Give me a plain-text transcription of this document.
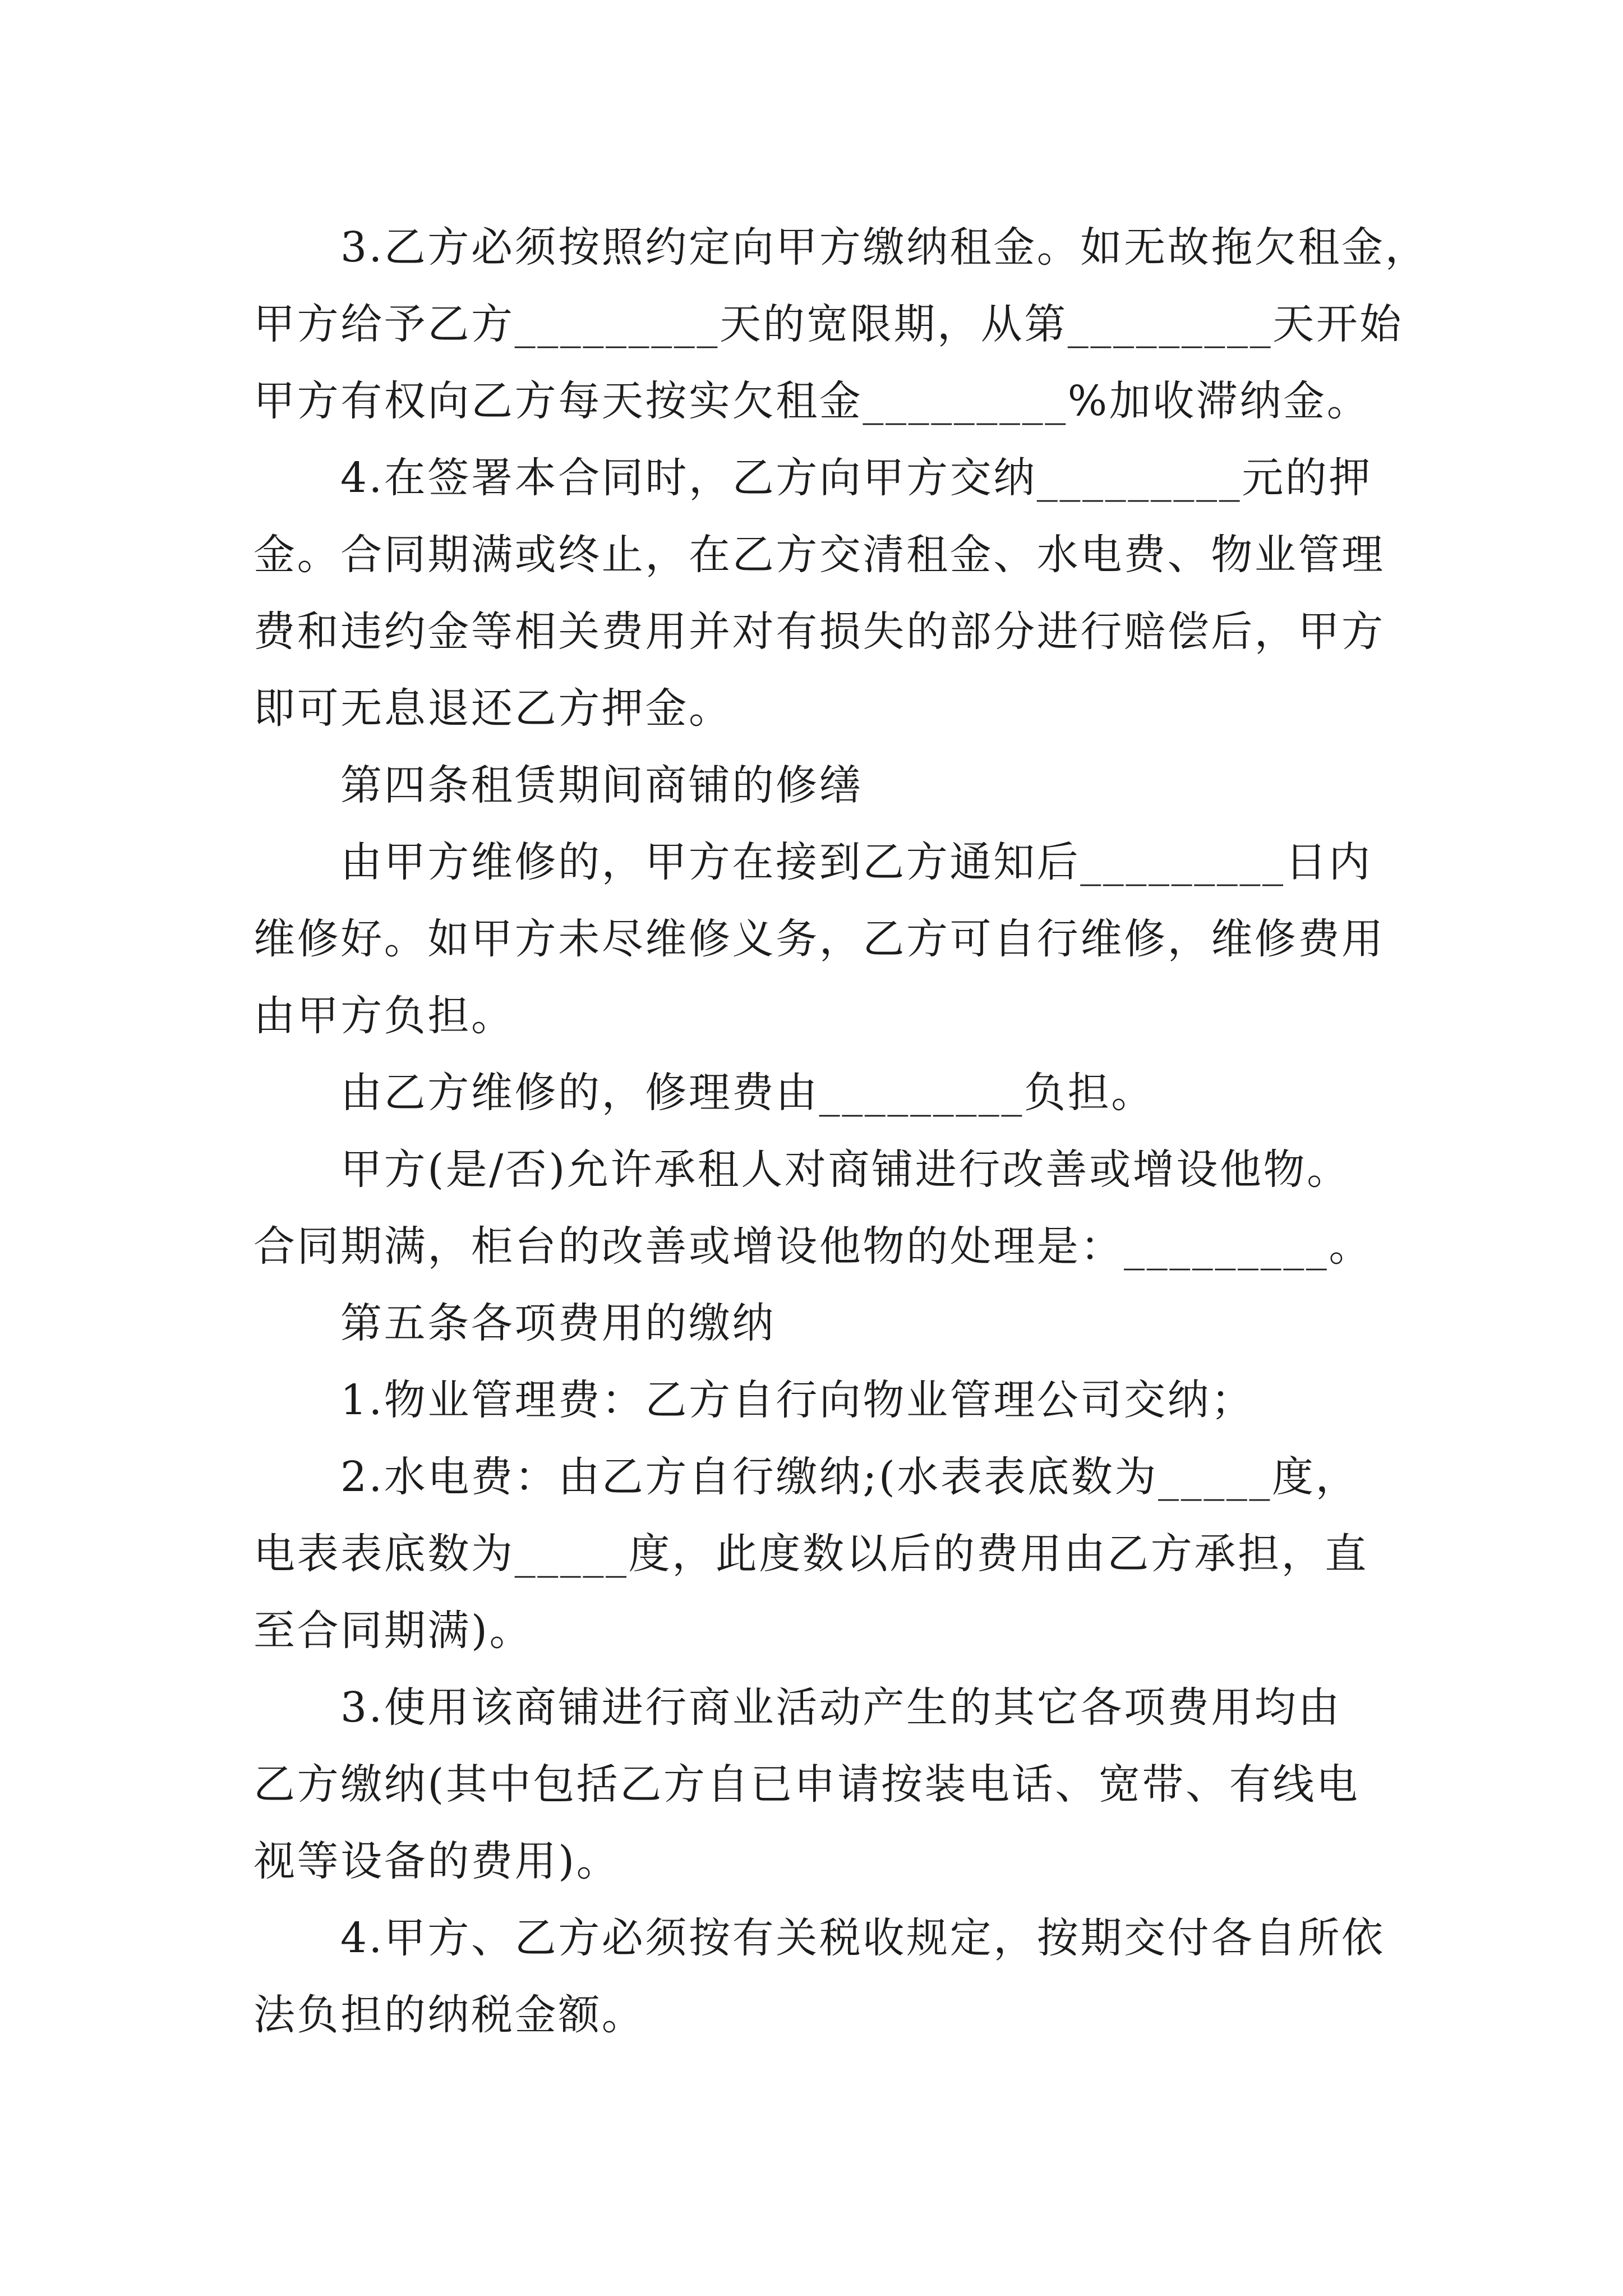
3.乙方必须按照约定向甲方缴纳租金。如无故拖欠租金，
甲方给予乙方_________天的宽限期，从第_________天开始
甲方有权向乙方每天按实欠租金_________%加收滞纳金。
4.在签署本合同时，乙方向甲方交纳_________元的押
金。合同期满或终止，在乙方交清租金、水电费、物业管理
费和违约金等相关费用并对有损失的部分进行赔偿后，甲方
即可无息退还乙方押金。
第四条租赁期间商铺的修缮
由甲方维修的，甲方在接到乙方通知后_________日内
维修好。如甲方未尽维修义务，乙方可自行维修，维修费用
由甲方负担。
由乙方维修的，修理费由_________负担。
甲方(是/否)允许承租人对商铺进行改善或增设他物。
合同期满，柜台的改善或增设他物的处理是：_________。
第五条各项费用的缴纳
1.物业管理费：乙方自行向物业管理公司交纳；
2.水电费：由乙方自行缴纳;(水表表底数为_____度，
电表表底数为_____度，此度数以后的费用由乙方承担，直
至合同期满)。
3.使用该商铺进行商业活动产生的其它各项费用均由
乙方缴纳(其中包括乙方自已申请按装电话、宽带、有线电
视等设备的费用)。
4.甲方、乙方必须按有关税收规定，按期交付各自所依
法负担的纳税金额。
